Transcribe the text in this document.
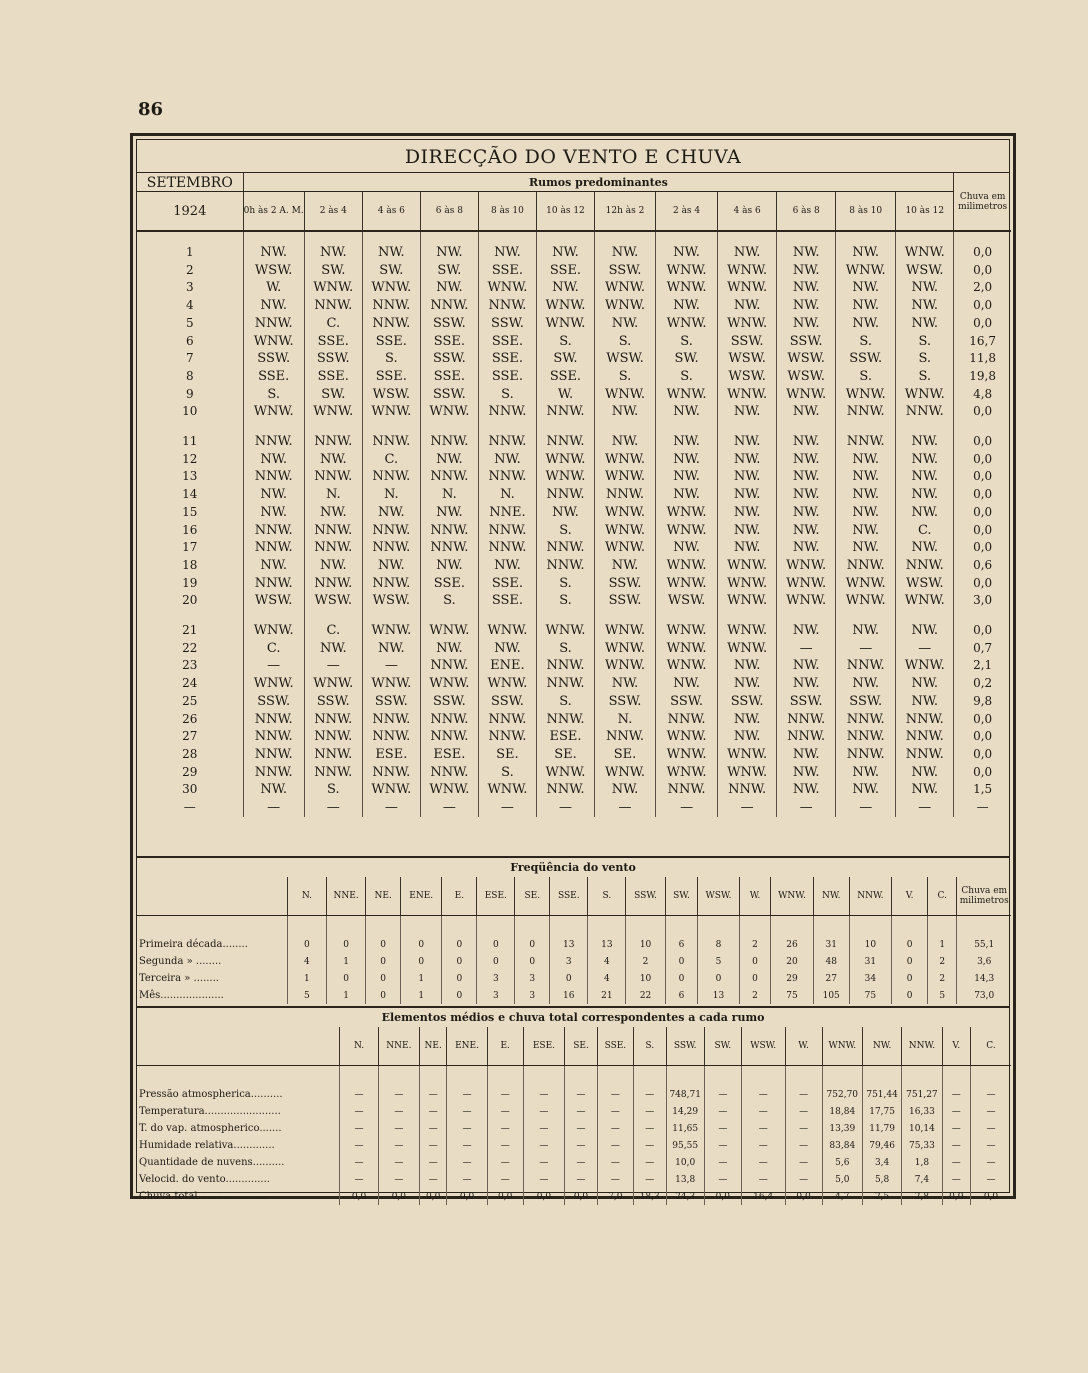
86
DIRECÇÃO DO VENTO E CHUVA
SETEMBRO	Rumos predominantes												Chuva em milimetros
1924	0h às 2 A. M.	2 às 4	4 às 6	6 às 8	8 às 10	10 às 12	12h às 2	2 às 4	4 às 6	6 às 8	8 às 10	10 às 12	

1	NW.	NW.	NW.	NW.	NW.	NW.	NW.	NW.	NW.	NW.	NW.	WNW.	0,0
2	WSW.	SW.	SW.	SW.	SSE.	SSE.	SSW.	WNW.	WNW.	NW.	WNW.	WSW.	0,0
3	W.	WNW.	WNW.	NW.	WNW.	NW.	WNW.	WNW.	WNW.	NW.	NW.	NW.	2,0
4	NW.	NNW.	NNW.	NNW.	NNW.	WNW.	WNW.	NW.	NW.	NW.	NW.	NW.	0,0
5	NNW.	C.	NNW.	SSW.	SSW.	WNW.	NW.	WNW.	WNW.	NW.	NW.	NW.	0,0
6	WNW.	SSE.	SSE.	SSE.	SSE.	S.	S.	S.	SSW.	SSW.	S.	S.	16,7
7	SSW.	SSW.	S.	SSW.	SSE.	SW.	WSW.	SW.	WSW.	WSW.	SSW.	S.	11,8
8	SSE.	SSE.	SSE.	SSE.	SSE.	SSE.	S.	S.	WSW.	WSW.	S.	S.	19,8
9	S.	SW.	WSW.	SSW.	S.	W.	WNW.	WNW.	WNW.	WNW.	WNW.	WNW.	4,8
10	WNW.	WNW.	WNW.	WNW.	NNW.	NNW.	NW.	NW.	NW.	NW.	NNW.	NNW.	0,0

11	NNW.	NNW.	NNW.	NNW.	NNW.	NNW.	NW.	NW.	NW.	NW.	NNW.	NW.	0,0
12	NW.	NW.	C.	NW.	NW.	WNW.	WNW.	NW.	NW.	NW.	NW.	NW.	0,0
13	NNW.	NNW.	NNW.	NNW.	NNW.	WNW.	WNW.	NW.	NW.	NW.	NW.	NW.	0,0
14	NW.	N.	N.	N.	N.	NNW.	NNW.	NW.	NW.	NW.	NW.	NW.	0,0
15	NW.	NW.	NW.	NW.	NNE.	NW.	WNW.	WNW.	NW.	NW.	NW.	NW.	0,0
16	NNW.	NNW.	NNW.	NNW.	NNW.	S.	WNW.	WNW.	NW.	NW.	NW.	C.	0,0
17	NNW.	NNW.	NNW.	NNW.	NNW.	NNW.	WNW.	NW.	NW.	NW.	NW.	NW.	0,0
18	NW.	NW.	NW.	NW.	NW.	NNW.	NW.	WNW.	WNW.	WNW.	NNW.	NNW.	0,6
19	NNW.	NNW.	NNW.	SSE.	SSE.	S.	SSW.	WNW.	WNW.	WNW.	WNW.	WSW.	0,0
20	WSW.	WSW.	WSW.	S.	SSE.	S.	SSW.	WSW.	WNW.	WNW.	WNW.	WNW.	3,0

21	WNW.	C.	WNW.	WNW.	WNW.	WNW.	WNW.	WNW.	WNW.	NW.	NW.	NW.	0,0
22	C.	NW.	NW.	NW.	NW.	S.	WNW.	WNW.	WNW.	—	—	—	0,7
23	—	—	—	NNW.	ENE.	NNW.	WNW.	WNW.	NW.	NW.	NNW.	WNW.	2,1
24	WNW.	WNW.	WNW.	WNW.	WNW.	NNW.	NW.	NW.	NW.	NW.	NW.	NW.	0,2
25	SSW.	SSW.	SSW.	SSW.	SSW.	S.	SSW.	SSW.	SSW.	SSW.	SSW.	NW.	9,8
26	NNW.	NNW.	NNW.	NNW.	NNW.	NNW.	N.	NNW.	NW.	NNW.	NNW.	NNW.	0,0
27	NNW.	NNW.	NNW.	NNW.	NNW.	ESE.	NNW.	WNW.	NW.	NNW.	NNW.	NNW.	0,0
28	NNW.	NNW.	ESE.	ESE.	SE.	SE.	SE.	WNW.	WNW.	NW.	NNW.	NNW.	0,0
29	NNW.	NNW.	NNW.	NNW.	S.	WNW.	WNW.	WNW.	WNW.	NW.	NW.	NW.	0,0
30	NW.	S.	WNW.	WNW.	WNW.	NNW.	NW.	NNW.	NNW.	NW.	NW.	NW.	1,5
—	—	—	—	—	—	—	—	—	—	—	—	—	—
Freqüência do vento
	N.	NNE.	NE.	ENE.	E.	ESE.	SE.	SSE.	S.	SSW.	SW.	WSW.	W.	WNW.	NW.	NNW.	V.	C.	Chuva em milimetros

Primeira década........	0	0	0	0	0	0	0	13	13	10	6	8	2	26	31	10	0	1	55,1
Segunda » ........	4	1	0	0	0	0	0	3	4	2	0	5	0	20	48	31	0	2	3,6
Terceira » ........	1	0	0	1	0	3	3	0	4	10	0	0	0	29	27	34	0	2	14,3
Mês....................	5	1	0	1	0	3	3	16	21	22	6	13	2	75	105	75	0	5	73,0
Elementos médios e chuva total correspondentes a cada rumo
	N.	NNE.	NE.	ENE.	E.	ESE.	SE.	SSE.	S.	SSW.	SW.	WSW.	W.	WNW.	NW.	NNW.	V.	C.

Pressão atmospherica..........	—	—	—	—	—	—	—	—	—	748,71	—	—	—	752,70	751,44	751,27	—	—
Temperatura........................	—	—	—	—	—	—	—	—	—	14,29	—	—	—	18,84	17,75	16,33	—	—
T. do vap. atmospherico.......	—	—	—	—	—	—	—	—	—	11,65	—	—	—	13,39	11,79	10,14	—	—
Humidade relativa.............	—	—	—	—	—	—	—	—	—	95,55	—	—	—	83,84	79,46	75,33	—	—
Quantidade de nuvens..........	—	—	—	—	—	—	—	—	—	10,0	—	—	—	5,6	3,4	1,8	—	—
Velocid. do vento..............	—	—	—	—	—	—	—	—	—	13,8	—	—	—	5,0	5,8	7,4	—	—
Chuva total......................	0,0	0,0	0,0	0,0	0,0	0,0	0,0	7,0	18,3	24,3	0,0	16,4	0,0	4,7	2,5	2,8	0,0	0,0
